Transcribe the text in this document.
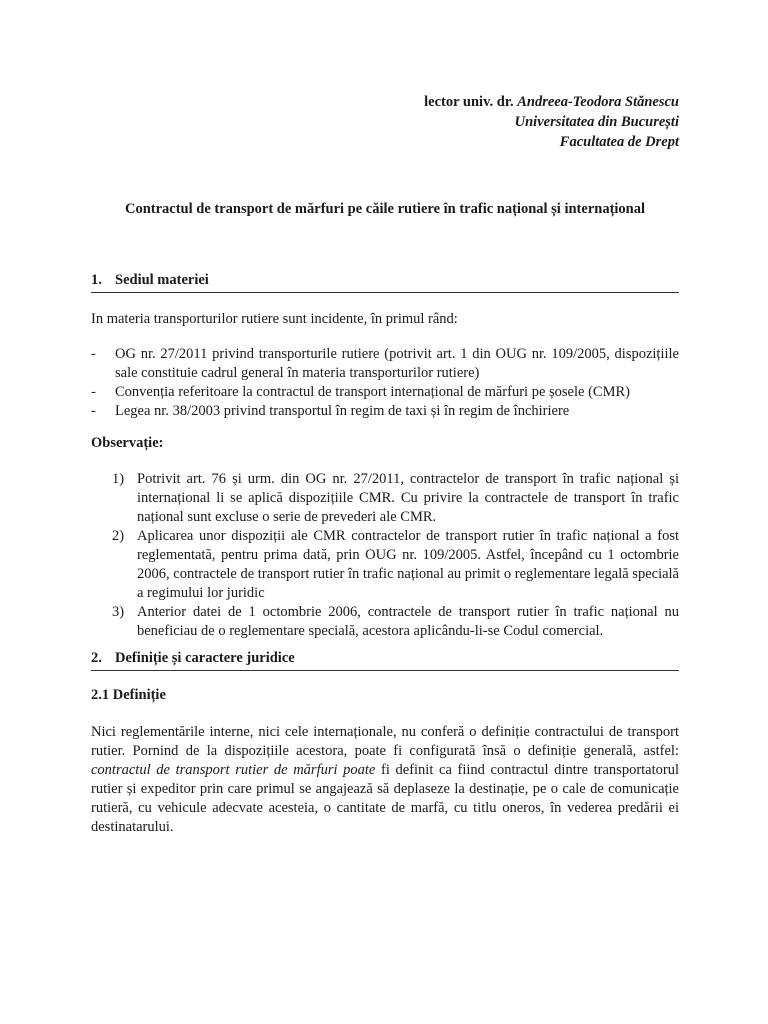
lector univ. dr. Andreea-Teodora Stănescu
Universitatea din București
Facultatea de Drept
Contractul de transport de mărfuri pe căile rutiere în trafic național și internațional
1. Sediul materiei
In materia transporturilor rutiere sunt incidente, în primul rând:
- OG nr. 27/2011 privind transporturile rutiere (potrivit art. 1 din OUG nr. 109/2005, dispozițiile sale constituie cadrul general în materia transporturilor rutiere)
- Convenția referitoare la contractul de transport internațional de mărfuri pe șosele (CMR)
- Legea nr. 38/2003 privind transportul în regim de taxi și în regim de închiriere
Observație:
1) Potrivit art. 76 și urm. din OG nr. 27/2011, contractelor de transport în trafic național și internațional li se aplică dispozițiile CMR. Cu privire la contractele de transport în trafic național sunt excluse o serie de prevederi ale CMR.
2) Aplicarea unor dispoziții ale CMR contractelor de transport rutier în trafic național a fost reglementată, pentru prima dată, prin OUG nr. 109/2005. Astfel, începând cu 1 octombrie 2006, contractele de transport rutier în trafic național au primit o reglementare legală specială a regimului lor juridic
3) Anterior datei de 1 octombrie 2006, contractele de transport rutier în trafic național nu beneficiau de o reglementare specială, acestora aplicându-li-se Codul comercial.
2. Definiție și caractere juridice
2.1 Definiție
Nici reglementările interne, nici cele internaționale, nu conferă o definiție contractului de transport rutier. Pornind de la dispozițiile acestora, poate fi configurată însă o definiție generală, astfel: contractul de transport rutier de mărfuri poate fi definit ca fiind contractul dintre transportatorul rutier și expeditor prin care primul se angajează să deplaseze la destinație, pe o cale de comunicație rutieră, cu vehicule adecvate acesteia, o cantitate de marfă, cu titlu oneros, în vederea predării ei destinatarului.
